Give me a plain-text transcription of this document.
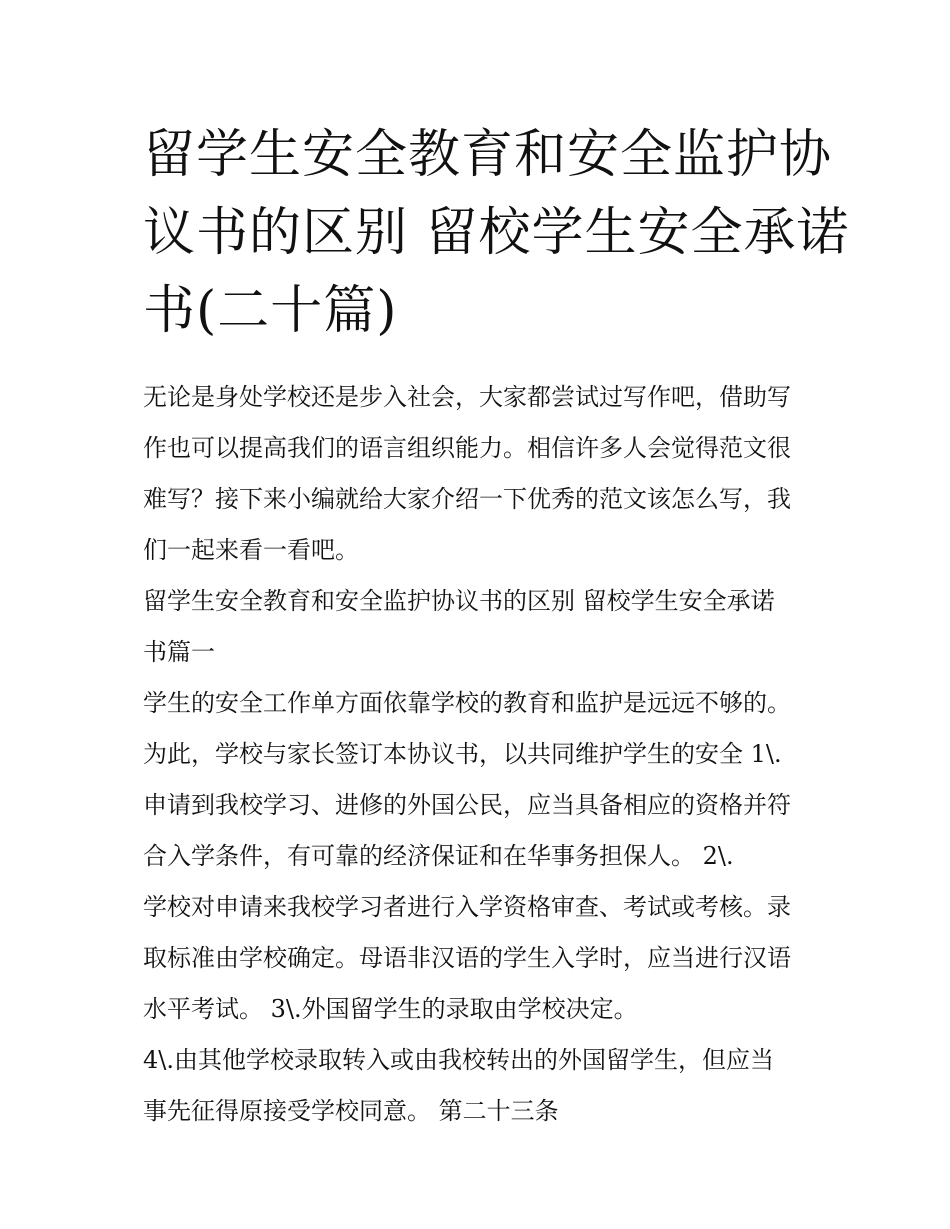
留学生安全教育和安全监护协
议书的区别 留校学生安全承诺
书(二十篇)
无论是身处学校还是步入社会，大家都尝试过写作吧，借助写
作也可以提高我们的语言组织能力。相信许多人会觉得范文很
难写？接下来小编就给大家介绍一下优秀的范文该怎么写，我
们一起来看一看吧。
留学生安全教育和安全监护协议书的区别 留校学生安全承诺
书篇一
学生的安全工作单方面依靠学校的教育和监护是远远不够的。
为此，学校与家长签订本协议书，以共同维护学生的安全 1\.
申请到我校学习、进修的外国公民，应当具备相应的资格并符
合入学条件，有可靠的经济保证和在华事务担保人。 2\.
学校对申请来我校学习者进行入学资格审查、考试或考核。录
取标准由学校确定。母语非汉语的学生入学时，应当进行汉语
水平考试。 3\.外国留学生的录取由学校决定。
4\.由其他学校录取转入或由我校转出的外国留学生，但应当
事先征得原接受学校同意。 第二十三条
